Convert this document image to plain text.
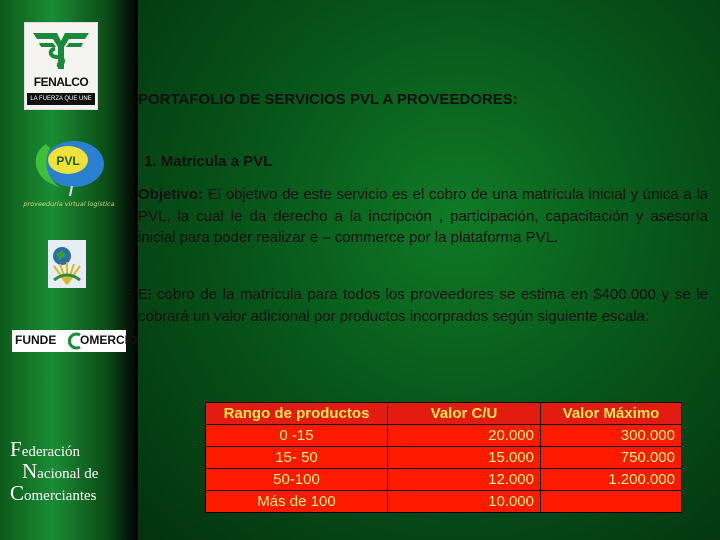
FENALCO
LA FUERZA QUE UNE
PVL
proveeduría virtual logística
FUNDE OMERCIO
Federación
Nacional de
Comerciantes
PORTAFOLIO DE SERVICIOS PVL A PROVEEDORES:
1. Matrícula a PVL
Objetivo: El objetivo de este servicio es el cobro de una matrícula inicial y única a la PVL, la cual le da derecho a la incripción , participación, capacitación y asesoría inicial para poder realizar e – commerce por la plataforma PVL.
El cobro de la matrícula para todos los proveedores se estima en $400.000 y se le cobrará un valor adicional por productos incorprados según siguiente escala:
Rango de productos	Valor C/U	Valor Máximo
0 -15	20.000	300.000
15- 50	15.000	750.000
50-100	12.000	1.200.000
Más de 100	10.000	
